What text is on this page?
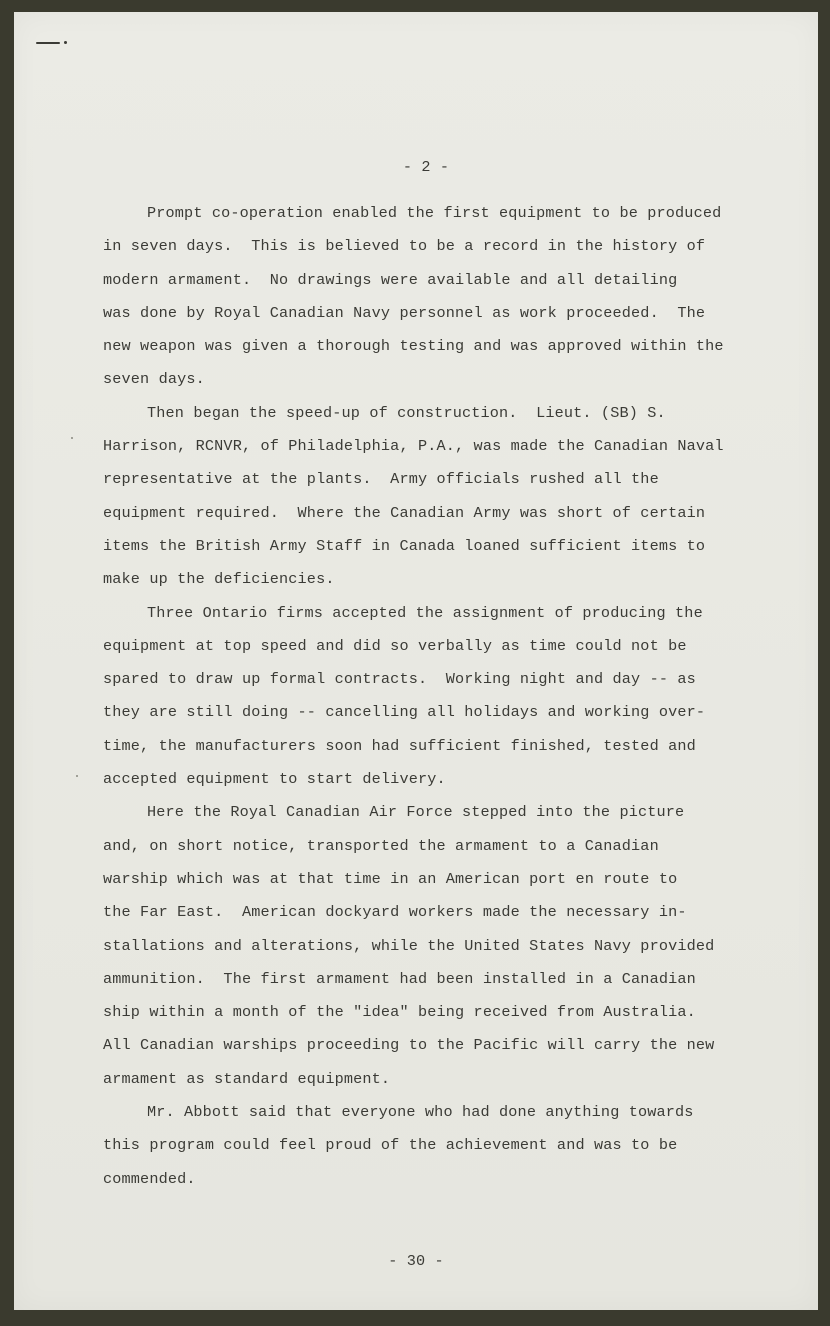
- 2 -
Prompt co-operation enabled the first equipment to be produced
in seven days.  This is believed to be a record in the history of
modern armament.  No drawings were available and all detailing
was done by Royal Canadian Navy personnel as work proceeded.  The
new weapon was given a thorough testing and was approved within the
seven days.
Then began the speed-up of construction.  Lieut. (SB) S.
Harrison, RCNVR, of Philadelphia, P.A., was made the Canadian Naval
representative at the plants.  Army officials rushed all the
equipment required.  Where the Canadian Army was short of certain
items the British Army Staff in Canada loaned sufficient items to
make up the deficiencies.
Three Ontario firms accepted the assignment of producing the
equipment at top speed and did so verbally as time could not be
spared to draw up formal contracts.  Working night and day -- as
they are still doing -- cancelling all holidays and working over-
time, the manufacturers soon had sufficient finished, tested and
accepted equipment to start delivery.
Here the Royal Canadian Air Force stepped into the picture
and, on short notice, transported the armament to a Canadian
warship which was at that time in an American port en route to
the Far East.  American dockyard workers made the necessary in-
stallations and alterations, while the United States Navy provided
ammunition.  The first armament had been installed in a Canadian
ship within a month of the "idea" being received from Australia.
All Canadian warships proceeding to the Pacific will carry the new
armament as standard equipment.
Mr. Abbott said that everyone who had done anything towards
this program could feel proud of the achievement and was to be
commended.
- 30 -
